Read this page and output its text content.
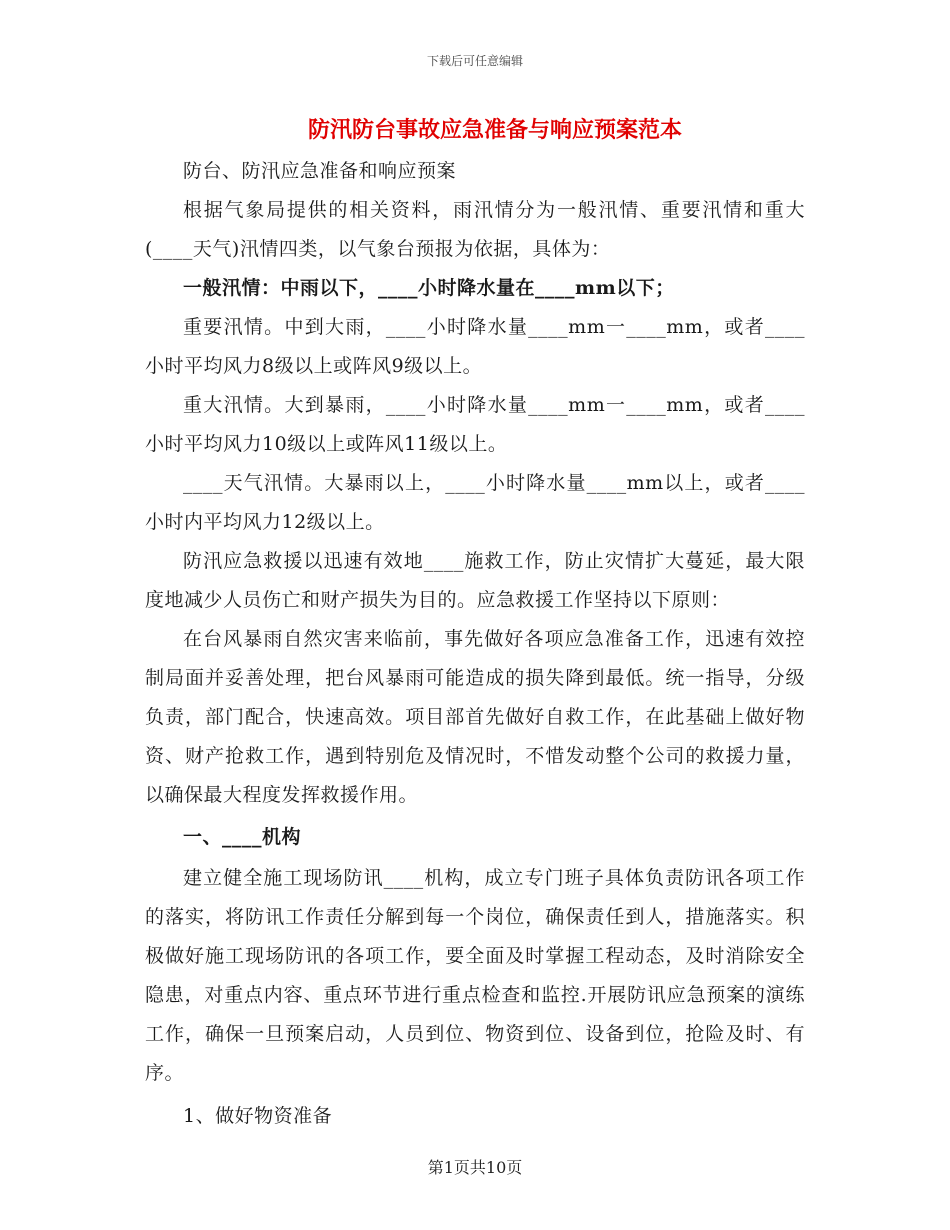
下载后可任意编辑
防汛防台事故应急准备与响应预案范本

防台、防汛应急准备和响应预案

根据气象局提供的相关资料，雨汛情分为一般汛情、重要汛情和重大(____天气)汛情四类，以气象台预报为依据，具体为：

一般汛情：中雨以下，____小时降水量在____mm以下；

重要汛情。中到大雨，____小时降水量____mm一____mm，或者____小时平均风力8级以上或阵风9级以上。

重大汛情。大到暴雨，____小时降水量____mm一____mm，或者____小时平均风力10级以上或阵风11级以上。

____天气汛情。大暴雨以上，____小时降水量____mm以上，或者____小时内平均风力12级以上。

防汛应急救援以迅速有效地____施救工作，防止灾情扩大蔓延，最大限度地减少人员伤亡和财产损失为目的。应急救援工作坚持以下原则：

在台风暴雨自然灾害来临前，事先做好各项应急准备工作，迅速有效控制局面并妥善处理，把台风暴雨可能造成的损失降到最低。统一指导，分级负责，部门配合，快速高效。项目部首先做好自救工作，在此基础上做好物资、财产抢救工作，遇到特别危及情况时，不惜发动整个公司的救援力量，以确保最大程度发挥救援作用。

一、____机构

建立健全施工现场防讯____机构，成立专门班子具体负责防讯各项工作的落实，将防讯工作责任分解到每一个岗位，确保责任到人，措施落实。积极做好施工现场防讯的各项工作，要全面及时掌握工程动态，及时消除安全隐患，对重点内容、重点环节进行重点检查和监控.开展防讯应急预案的演练工作，确保一旦预案启动，人员到位、物资到位、设备到位，抢险及时、有序。

1、做好物资准备

第1页共10页
